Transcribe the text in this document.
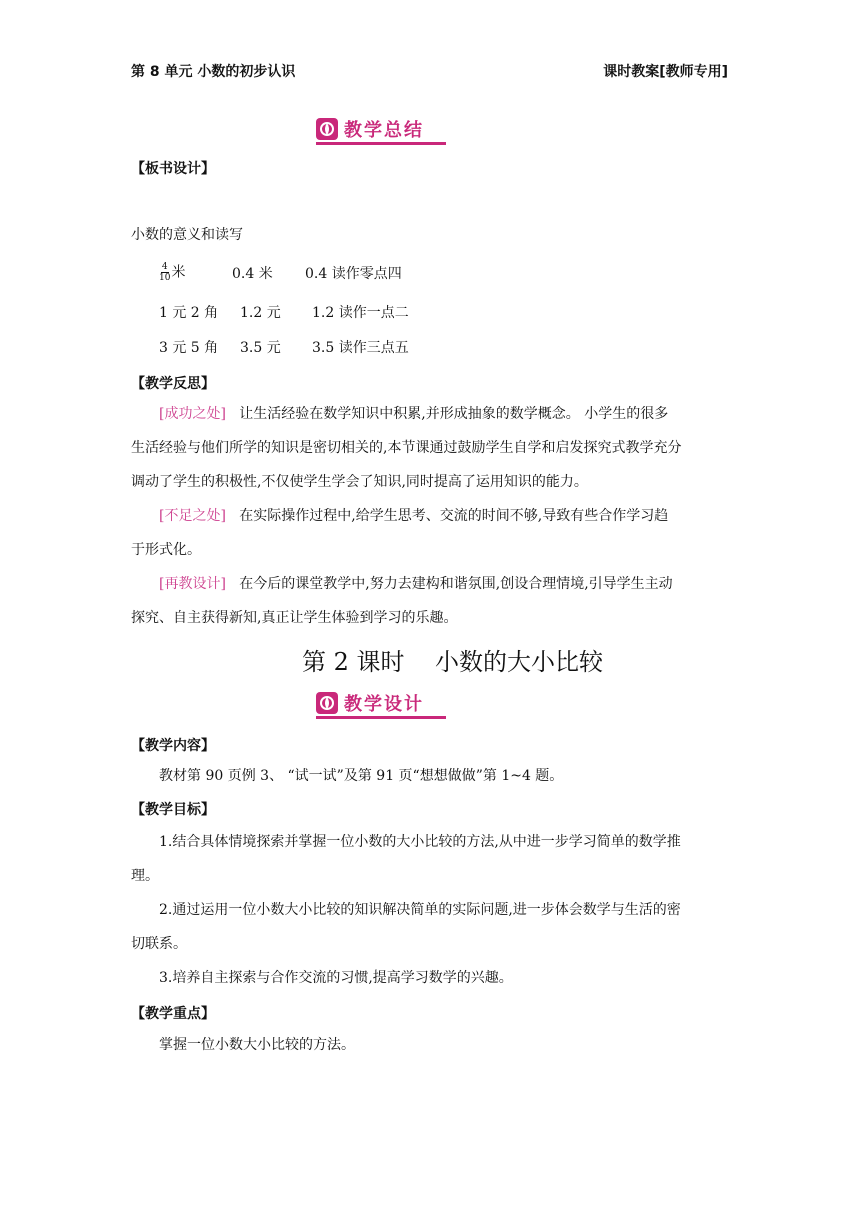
第 8 单元 小数的初步认识	课时教案[教师专用]
教学总结
【板书设计】
小数的意义和读写
$\frac{4}{10}$ 米	0.4 米 0.4 读作零点四
1 元 2 角 1.2 元 1.2 读作一点二
3 元 5 角 3.5 元 3.5 读作三点五
【教学反思】
[成功之处] 让生活经验在数学知识中积累,并形成抽象的数学概念。 小学生的很多
生活经验与他们所学的知识是密切相关的,本节课通过鼓励学生自学和启发探究式教学充分
调动了学生的积极性,不仅使学生学会了知识,同时提高了运用知识的能力。
[不足之处] 在实际操作过程中,给学生思考、交流的时间不够,导致有些合作学习趋
于形式化。
[再教设计] 在今后的课堂教学中,努力去建构和谐氛围,创设合理情境,引导学生主动
探究、自主获得新知,真正让学生体验到学习的乐趣。
第 2 课时    小数的大小比较
教学设计
【教学内容】
教材第 90 页例 3、 “试一试”及第 91 页“想想做做”第 1~4 题。
【教学目标】
1.结合具体情境探索并掌握一位小数的大小比较的方法,从中进一步学习简单的数学推
理。
2.通过运用一位小数大小比较的知识解决简单的实际问题,进一步体会数学与生活的密
切联系。
3.培养自主探索与合作交流的习惯,提高学习数学的兴趣。
【教学重点】
掌握一位小数大小比较的方法。
